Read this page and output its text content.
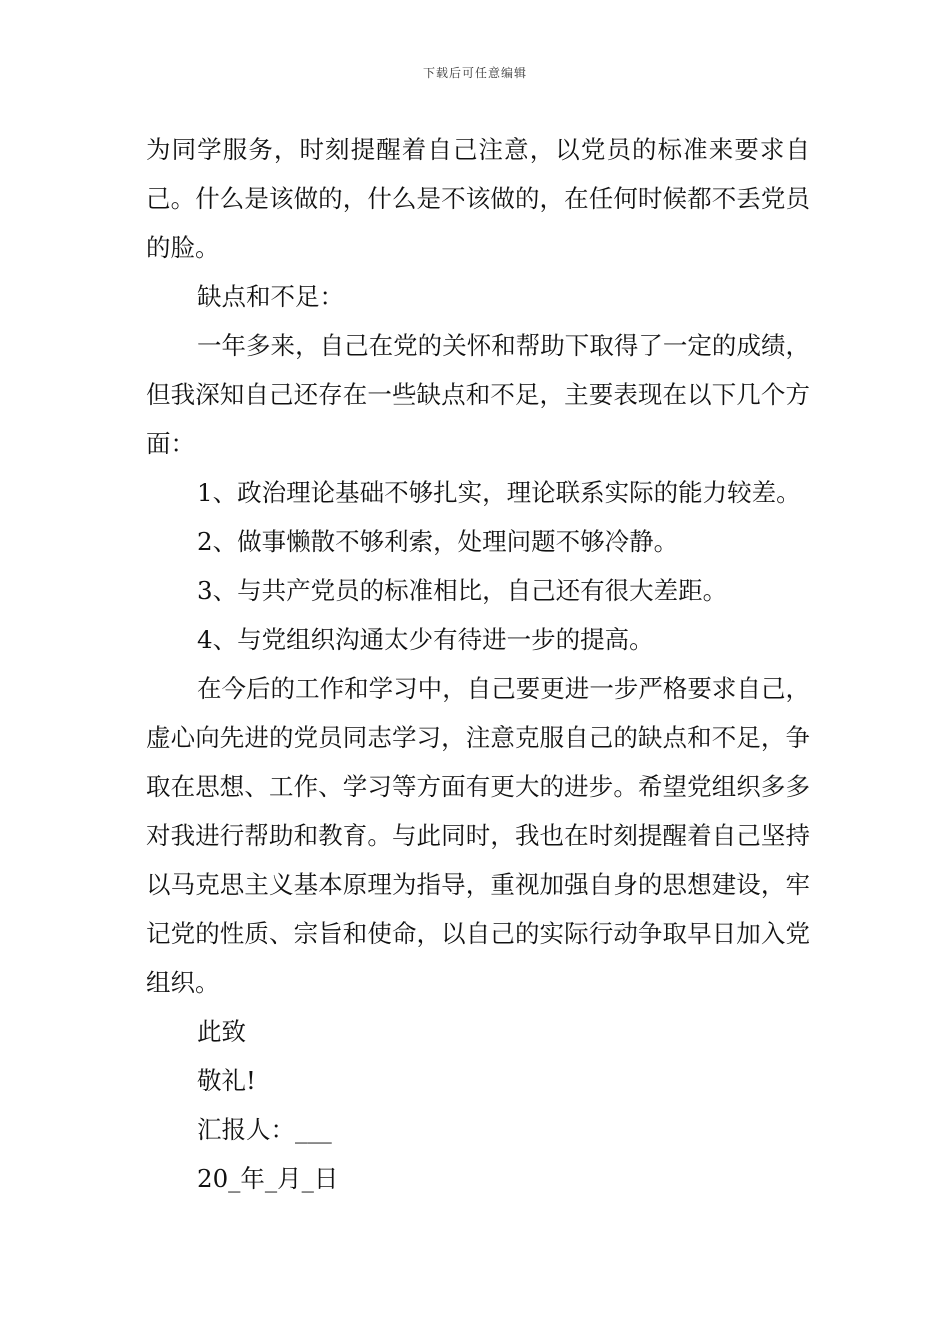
下载后可任意编辑

为同学服务，时刻提醒着自己注意，以党员的标准来要求自己。什么是该做的，什么是不该做的，在任何时候都不丢党员的脸。

缺点和不足：

一年多来，自己在党的关怀和帮助下取得了一定的成绩，但我深知自己还存在一些缺点和不足，主要表现在以下几个方面：

1、政治理论基础不够扎实，理论联系实际的能力较差。

2、做事懒散不够利索，处理问题不够冷静。

3、与共产党员的标准相比，自己还有很大差距。

4、与党组织沟通太少有待进一步的提高。

在今后的工作和学习中，自己要更进一步严格要求自己，虚心向先进的党员同志学习，注意克服自己的缺点和不足，争取在思想、工作、学习等方面有更大的进步。希望党组织多多对我进行帮助和教育。与此同时，我也在时刻提醒着自己坚持以马克思主义基本原理为指导，重视加强自身的思想建设，牢记党的性质、宗旨和使命，以自己的实际行动争取早日加入党组织。

此致

敬礼!

汇报人：___

20_年_月_日
